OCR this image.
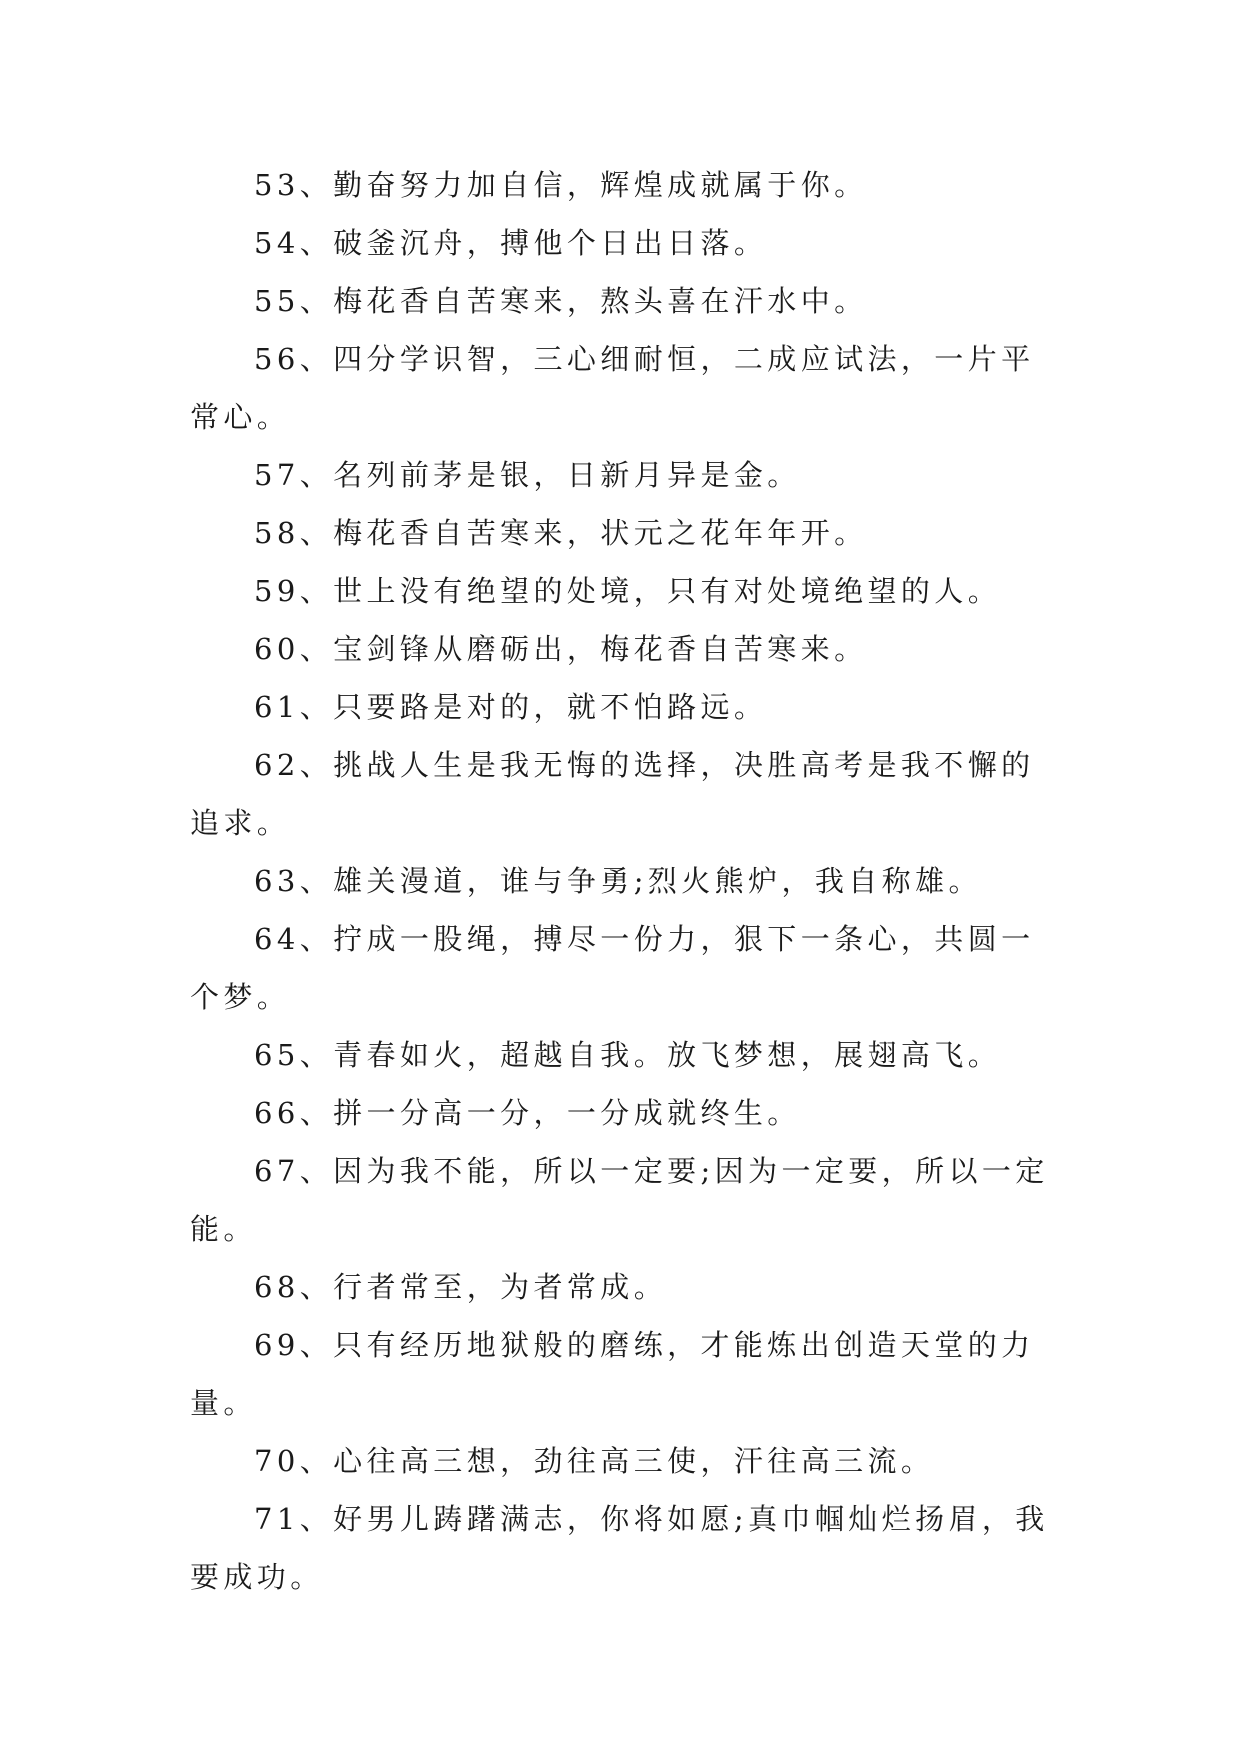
53、勤奋努力加自信，辉煌成就属于你。

54、破釜沉舟，搏他个日出日落。

55、梅花香自苦寒来，熬头喜在汗水中。

56、四分学识智，三心细耐恒，二成应试法，一片平常心。

57、名列前茅是银，日新月异是金。

58、梅花香自苦寒来，状元之花年年开。

59、世上没有绝望的处境，只有对处境绝望的人。

60、宝剑锋从磨砺出，梅花香自苦寒来。

61、只要路是对的，就不怕路远。

62、挑战人生是我无悔的选择，决胜高考是我不懈的追求。

63、雄关漫道，谁与争勇;烈火熊炉，我自称雄。

64、拧成一股绳，搏尽一份力，狠下一条心，共圆一个梦。

65、青春如火，超越自我。放飞梦想，展翅高飞。

66、拼一分高一分，一分成就终生。

67、因为我不能，所以一定要;因为一定要，所以一定能。

68、行者常至，为者常成。

69、只有经历地狱般的磨练，才能炼出创造天堂的力量。

70、心往高三想，劲往高三使，汗往高三流。

71、好男儿踌躇满志，你将如愿;真巾帼灿烂扬眉，我要成功。
